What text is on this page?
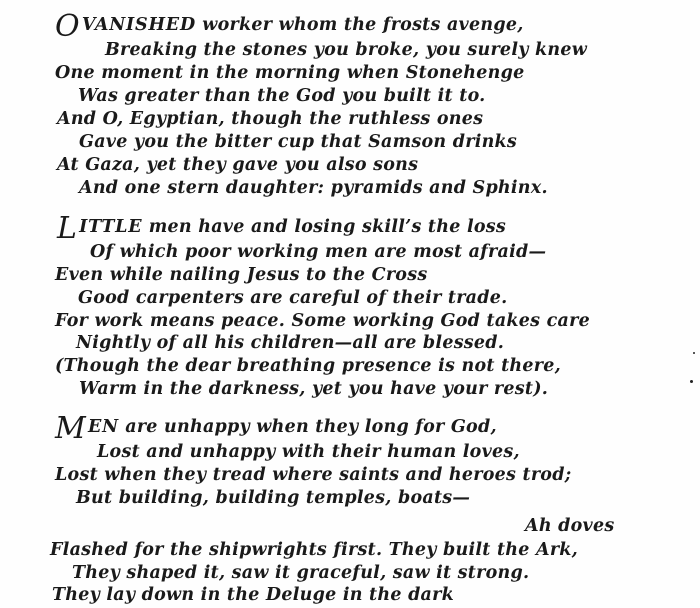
OVANISHED worker whom the frosts avenge,
Breaking the stones you broke, you surely knew
One moment in the morning when Stonehenge
Was greater than the God you built it to.
And O, Egyptian, though the ruthless ones
Gave you the bitter cup that Samson drinks
At Gaza, yet they gave you also sons
And one stern daughter: pyramids and Sphinx.
LITTLE men have and losing skill’s the loss
Of which poor working men are most afraid—
Even while nailing Jesus to the Cross
Good carpenters are careful of their trade.
For work means peace. Some working God takes care
Nightly of all his children—all are blessed.
(Though the dear breathing presence is not there,
Warm in the darkness, yet you have your rest).
MEN are unhappy when they long for God,
Lost and unhappy with their human loves,
Lost when they tread where saints and heroes trod;
But building, building temples, boats—
Ah doves
Flashed for the shipwrights first. They built the Ark,
They shaped it, saw it graceful, saw it strong.
They lay down in the Deluge in the dark
